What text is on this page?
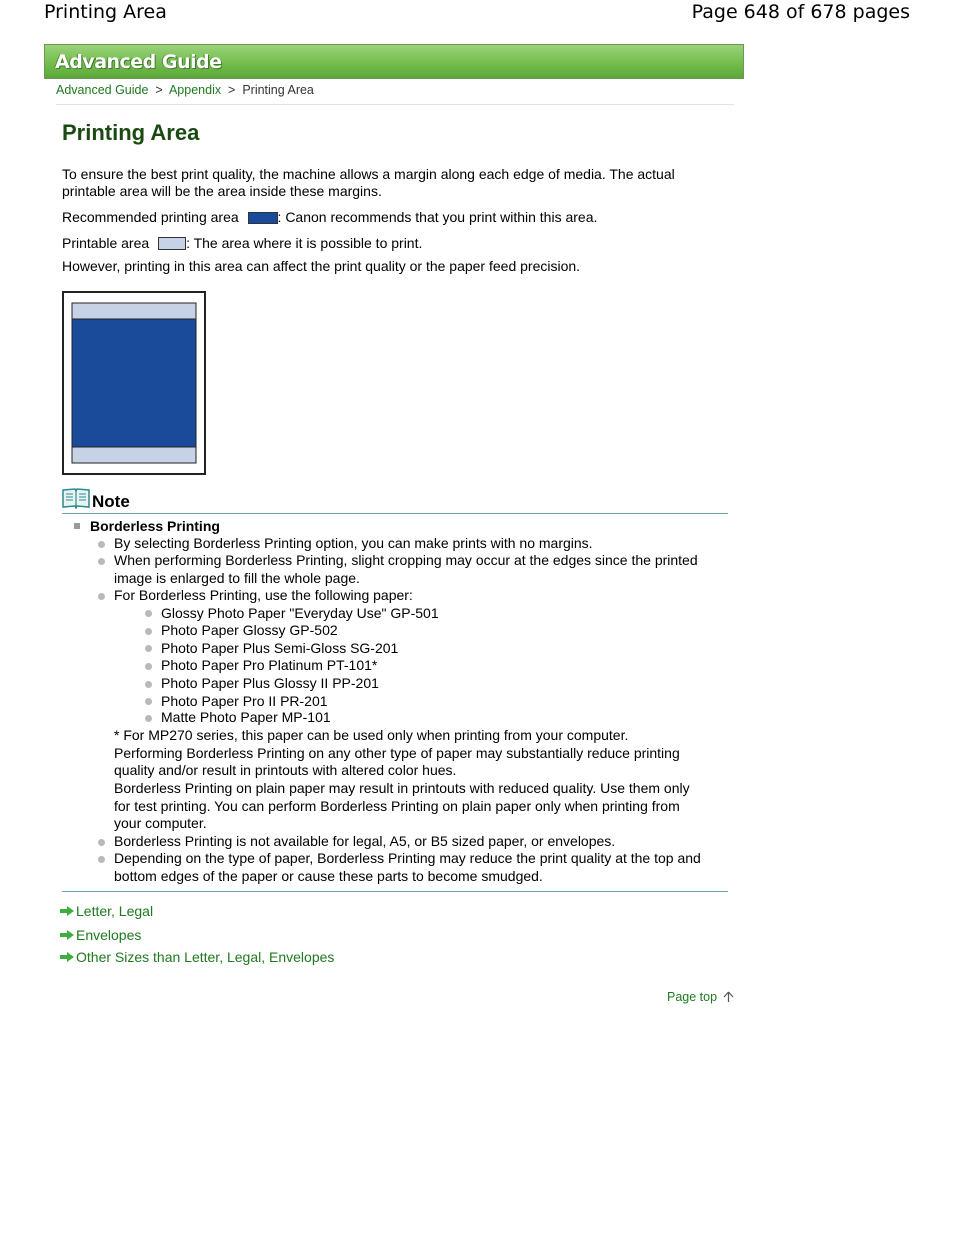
Printing Area	Page 648 of 678 pages
Advanced Guide
Advanced Guide  >  Appendix  >  Printing Area
Printing Area
To ensure the best print quality, the machine allows a margin along each edge of media. The actual
printable area will be the area inside these margins.
Recommended printing area	: Canon recommends that you print within this area.
Printable area	: The area where it is possible to print.
However, printing in this area can affect the print quality or the paper feed precision.
Note
Borderless Printing
By selecting Borderless Printing option, you can make prints with no margins.
When performing Borderless Printing, slight cropping may occur at the edges since the printed
image is enlarged to fill the whole page.
For Borderless Printing, use the following paper:
Glossy Photo Paper "Everyday Use" GP-501
Photo Paper Glossy GP-502
Photo Paper Plus Semi-Gloss SG-201
Photo Paper Pro Platinum PT-101*
Photo Paper Plus Glossy II PP-201
Photo Paper Pro II PR-201
Matte Photo Paper MP-101
* For MP270 series, this paper can be used only when printing from your computer.
Performing Borderless Printing on any other type of paper may substantially reduce printing
quality and/or result in printouts with altered color hues.
Borderless Printing on plain paper may result in printouts with reduced quality. Use them only
for test printing. You can perform Borderless Printing on plain paper only when printing from
your computer.
Borderless Printing is not available for legal, A5, or B5 sized paper, or envelopes.
Depending on the type of paper, Borderless Printing may reduce the print quality at the top and
bottom edges of the paper or cause these parts to become smudged.
Letter, Legal
Envelopes
Other Sizes than Letter, Legal, Envelopes
Page top
